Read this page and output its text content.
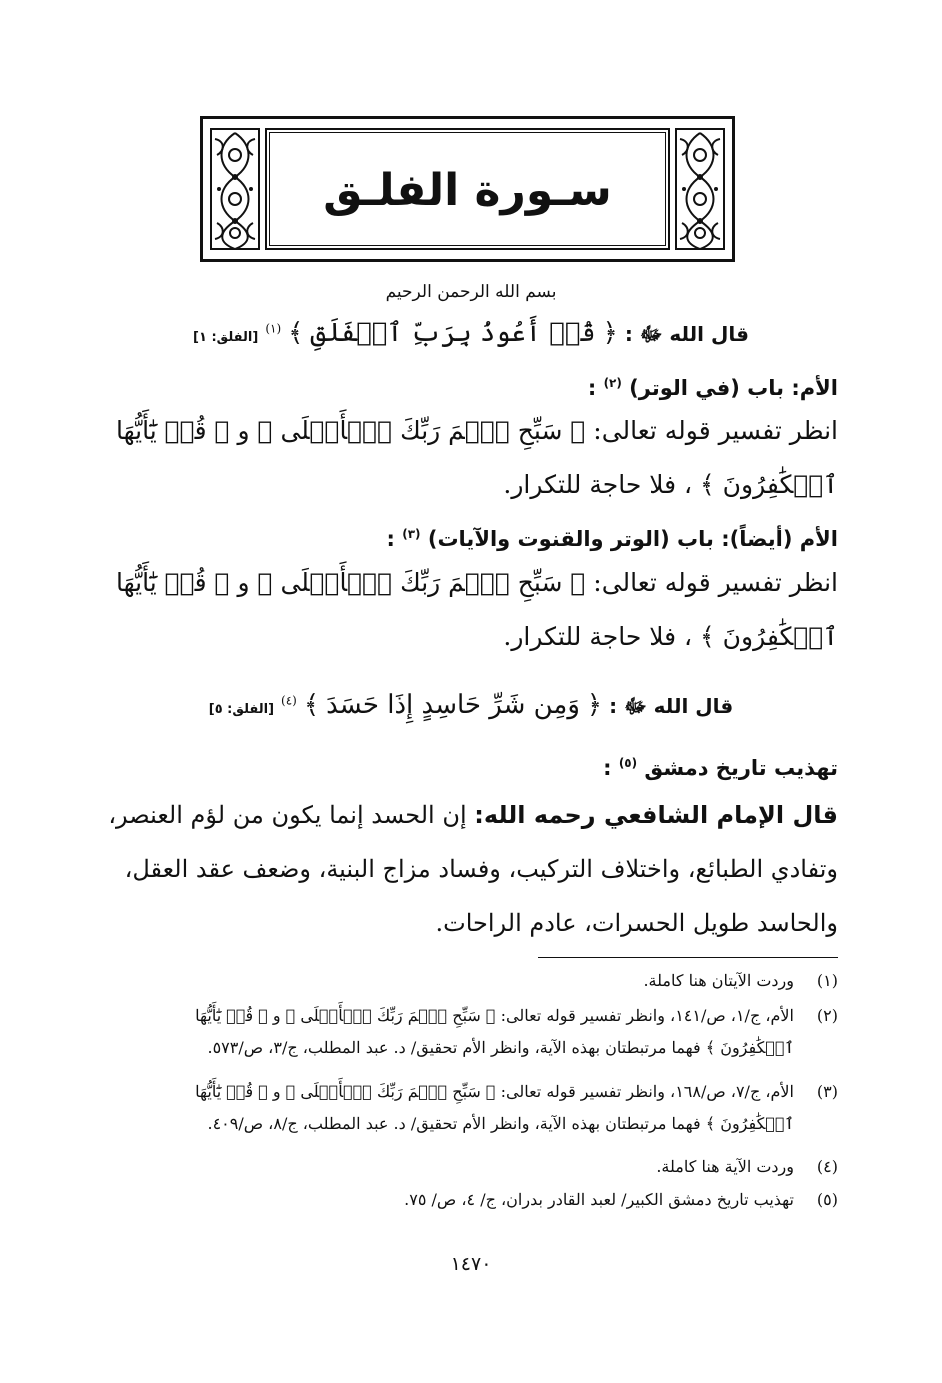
سـورة الفلـق
بسم الله الرحمن الرحيم
قال الله ﷻ : ﴿ قُلۡ أَعُوذُ بِرَبِّ ٱلۡفَلَقِ ﴾ $^{(١)}$ [الفلق: ١]
الأم: باب (في الوتر) $^{(٢)}$ :
انظر تفسير قوله تعالى: ﴿ سَبِّحِ ٱسۡمَ رَبِّكَ ٱلۡأَعۡلَى ﴾ و ﴿ قُلۡ يَٰٓأَيُّهَا
ٱلۡكَٰفِرُونَ ﴾ ، فلا حاجة للتكرار.
الأم (أيضاً): باب (الوتر والقنوت والآيات) $^{(٣)}$ :
انظر تفسير قوله تعالى: ﴿ سَبِّحِ ٱسۡمَ رَبِّكَ ٱلۡأَعۡلَى ﴾ و ﴿ قُلۡ يَٰٓأَيُّهَا
ٱلۡكَٰفِرُونَ ﴾ ، فلا حاجة للتكرار.
قال الله ﷻ : ﴿ وَمِن شَرِّ حَاسِدٍ إِذَا حَسَدَ ﴾ $^{(٤)}$ [الفلق: ٥]
تهذيب تاريخ دمشق $^{(٥)}$ :
قال الإمام الشافعي رحمه الله: إن الحسد إنما يكون من لؤم العنصر،
وتفادي الطبائع، واختلاف التركيب، وفساد مزاج البنية، وضعف عقد العقل،
والحاسد طويل الحسرات، عادم الراحات.
(١)
وردت الآيتان هنا كاملة.
(٢)
الأم، ج/١، ص/١٤١، وانظر تفسير قوله تعالى: ﴿ سَبِّحِ ٱسۡمَ رَبِّكَ ٱلۡأَعۡلَى ﴾ و ﴿ قُلۡ يَٰٓأَيُّهَا
ٱلۡكَٰفِرُونَ ﴾ فهما مرتبطتان بهذه الآية، وانظر الأم تحقيق/ د. عبد المطلب، ج/٣، ص/٥٧٣.
(٣)
الأم، ج/٧، ص/١٦٨، وانظر تفسير قوله تعالى: ﴿ سَبِّحِ ٱسۡمَ رَبِّكَ ٱلۡأَعۡلَى ﴾ و ﴿ قُلۡ يَٰٓأَيُّهَا
ٱلۡكَٰفِرُونَ ﴾ فهما مرتبطتان بهذه الآية، وانظر الأم تحقيق/ د. عبد المطلب، ج/٨، ص/٤٠٩.
(٤)
وردت الآية هنا كاملة.
(٥)
تهذيب تاريخ دمشق الكبير/ لعبد القادر بدران، ج/ ٤، ص/ ٧٥.
١٤٧٠
